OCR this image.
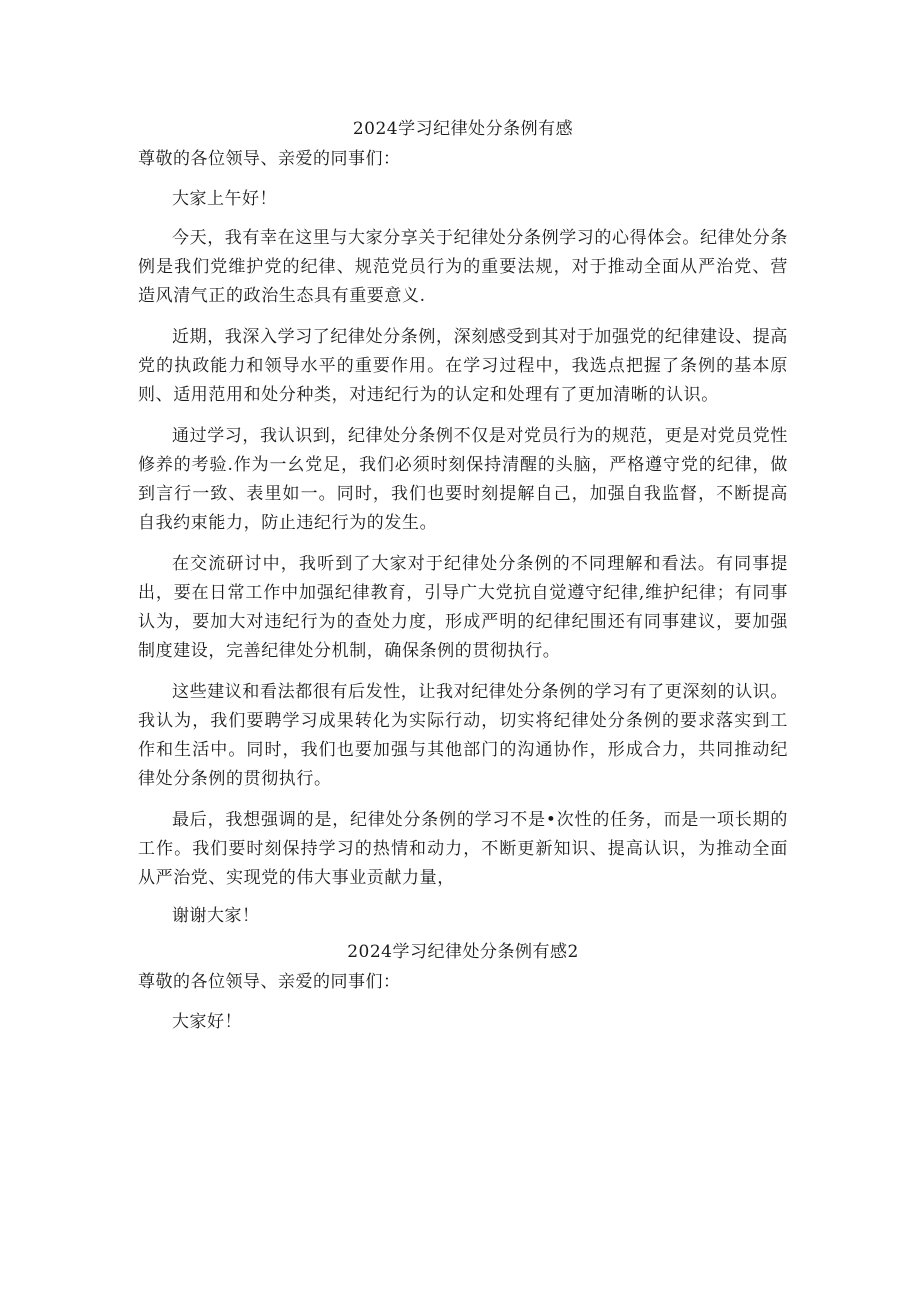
2024学习纪律处分条例有感
尊敬的各位领导、亲爱的同事们：
大家上午好！

今天，我有幸在这里与大家分享关于纪律处分条例学习的心得体会。纪律处分条例是我们党维护党的纪律、规范党员行为的重要法规，对于推动全面从严治党、营造风清气正的政治生态具有重要意义.

近期，我深入学习了纪律处分条例，深刻感受到其对于加强党的纪律建设、提高党的执政能力和领导水平的重要作用。在学习过程中，我选点把握了条例的基本原则、适用范用和处分种类，对违纪行为的认定和处理有了更加清晰的认识。

通过学习，我认识到，纪律处分条例不仅是对党员行为的规范，更是对党员党性修养的考验.作为一幺党足，我们必须时刻保持清醒的头脑，严格遵守党的纪律，做到言行一致、表里如一。同时，我们也要时刻提解自己，加强自我监督，不断提高自我约束能力，防止违纪行为的发生。

在交流研讨中，我听到了大家对于纪律处分条例的不同理解和看法。有同事提出，要在日常工作中加强纪律教育，引导广大党抗自觉遵守纪律,维护纪律；有同事认为，要加大对违纪行为的查处力度，形成严明的纪律纪围还有同事建议，要加强制度建设，完善纪律处分机制，确保条例的贯彻执行。

这些建议和看法都很有后发性，让我对纪律处分条例的学习有了更深刻的认识。我认为，我们要聘学习成果转化为实际行动，切实将纪律处分条例的要求落实到工作和生活中。同时，我们也要加强与其他部门的沟通协作，形成合力，共同推动纪律处分条例的贯彻执行。

最后，我想强调的是，纪律处分条例的学习不是•次性的任务，而是一项长期的工作。我们要时刻保持学习的热情和动力，不断更新知识、提高认识，为推动全面从严治党、实现党的伟大事业贡献力量，

谢谢大家！
2024学习纪律处分条例有感2
尊敬的各位领导、亲爱的同事们：
大家好！
